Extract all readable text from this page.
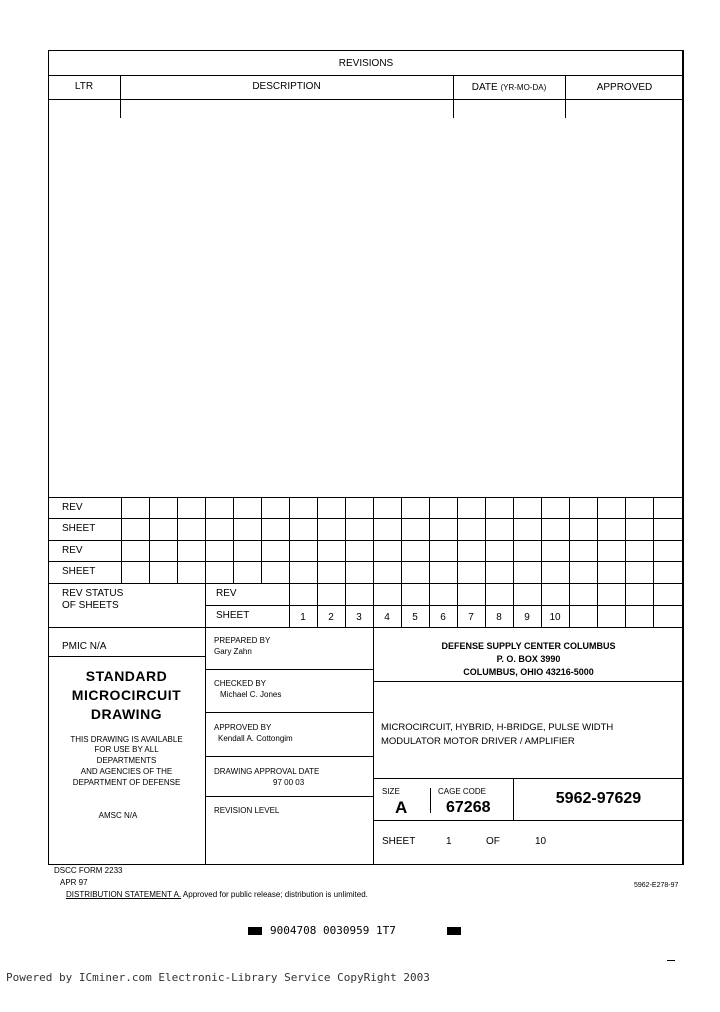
REVISIONS
LTR	DESCRIPTION	DATE (YR-MO-DA)	APPROVED
REV
SHEET
REV
SHEET
REV STATUS
OF SHEETS
REV
SHEET	1	2	3	4	5	6	7	8	9	10
PMIC N/A
STANDARD
MICROCIRCUIT
DRAWING
THIS DRAWING IS AVAILABLE
FOR USE BY ALL
DEPARTMENTS
AND AGENCIES OF THE
DEPARTMENT OF DEFENSE
AMSC N/A
PREPARED BY
Gary Zahn
CHECKED BY
Michael C. Jones
APPROVED BY
Kendall A. Cottongim
DRAWING APPROVAL DATE
97 00 03
REVISION LEVEL
DEFENSE SUPPLY CENTER COLUMBUS
P. O. BOX 3990
COLUMBUS, OHIO 43216-5000
MICROCIRCUIT, HYBRID, H-BRIDGE, PULSE WIDTH
MODULATOR MOTOR DRIVER / AMPLIFIER
SIZE
A
CAGE CODE
67268
5962-97629
SHEET	1	OF	10
DSCC FORM 2233
APR 97
DISTRIBUTION STATEMENT A. Approved for public release; distribution is unlimited.
5962-E278-97
9004708 0030959 1T7
Powered by ICminer.com Electronic-Library Service CopyRight 2003
